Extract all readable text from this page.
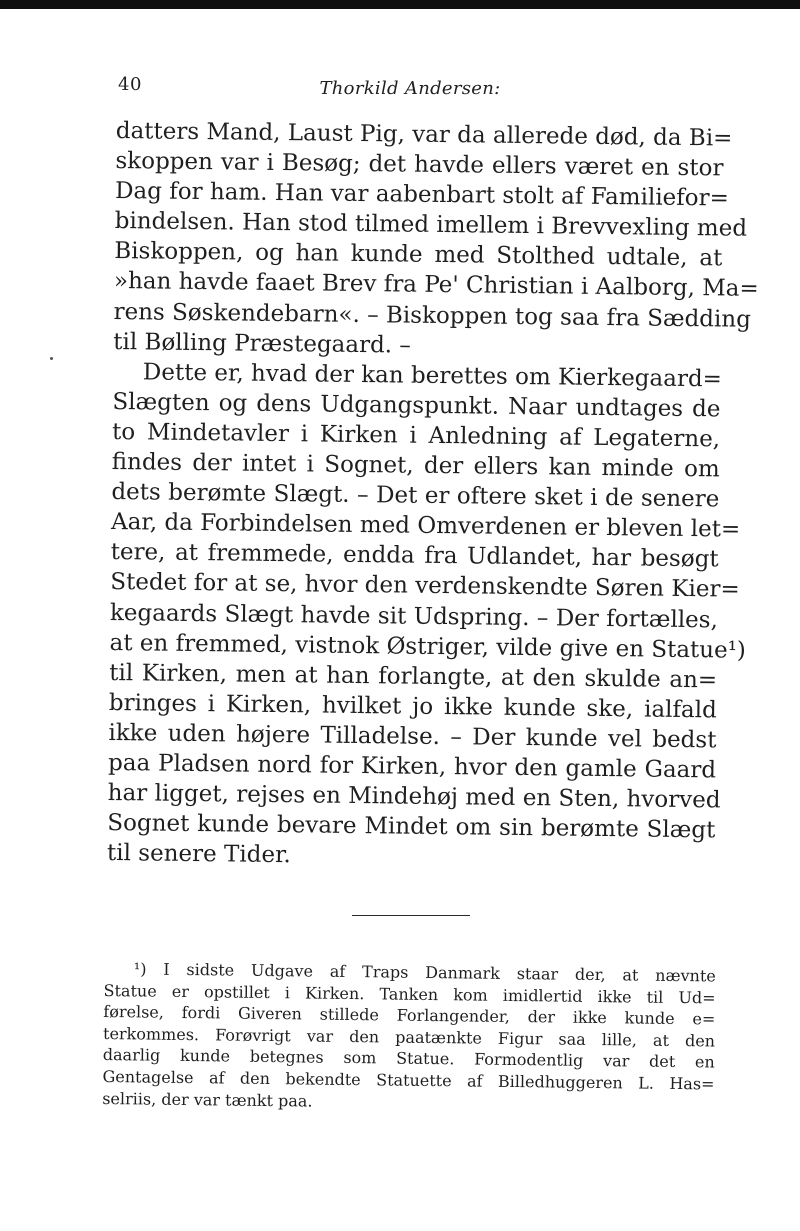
40	Thorkild Andersen:
datters Mand, Laust Pig, var da allerede død, da Bi=
skoppen var i Besøg; det havde ellers været en stor
Dag for ham. Han var aabenbart stolt af Familiefor=
bindelsen. Han stod tilmed imellem i Brevvexling med
Biskoppen, og han kunde med Stolthed udtale, at
»han havde faaet Brev fra Pe' Christian i Aalborg, Ma=
rens Søskendebarn«. – Biskoppen tog saa fra Sædding
til Bølling Præstegaard. –
Dette er, hvad der kan berettes om Kierkegaard=
Slægten og dens Udgangspunkt. Naar undtages de
to Mindetavler i Kirken i Anledning af Legaterne,
findes der intet i Sognet, der ellers kan minde om
dets berømte Slægt. – Det er oftere sket i de senere
Aar, da Forbindelsen med Omverdenen er bleven let=
tere, at fremmede, endda fra Udlandet, har besøgt
Stedet for at se, hvor den verdenskendte Søren Kier=
kegaards Slægt havde sit Udspring. – Der fortælles,
at en fremmed, vistnok Østriger, vilde give en Statue¹)
til Kirken, men at han forlangte, at den skulde an=
bringes i Kirken, hvilket jo ikke kunde ske, ialfald
ikke uden højere Tilladelse. – Der kunde vel bedst
paa Pladsen nord for Kirken, hvor den gamle Gaard
har ligget, rejses en Mindehøj med en Sten, hvorved
Sognet kunde bevare Mindet om sin berømte Slægt
til senere Tider.
¹) I sidste Udgave af Traps Danmark staar der, at nævnte
Statue er opstillet i Kirken. Tanken kom imidlertid ikke til Ud=
førelse, fordi Giveren stillede Forlangender, der ikke kunde e=
terkommes. Forøvrigt var den paatænkte Figur saa lille, at den
daarlig kunde betegnes som Statue. Formodentlig var det en
Gentagelse af den bekendte Statuette af Billedhuggeren L. Has=
selriis, der var tænkt paa.
